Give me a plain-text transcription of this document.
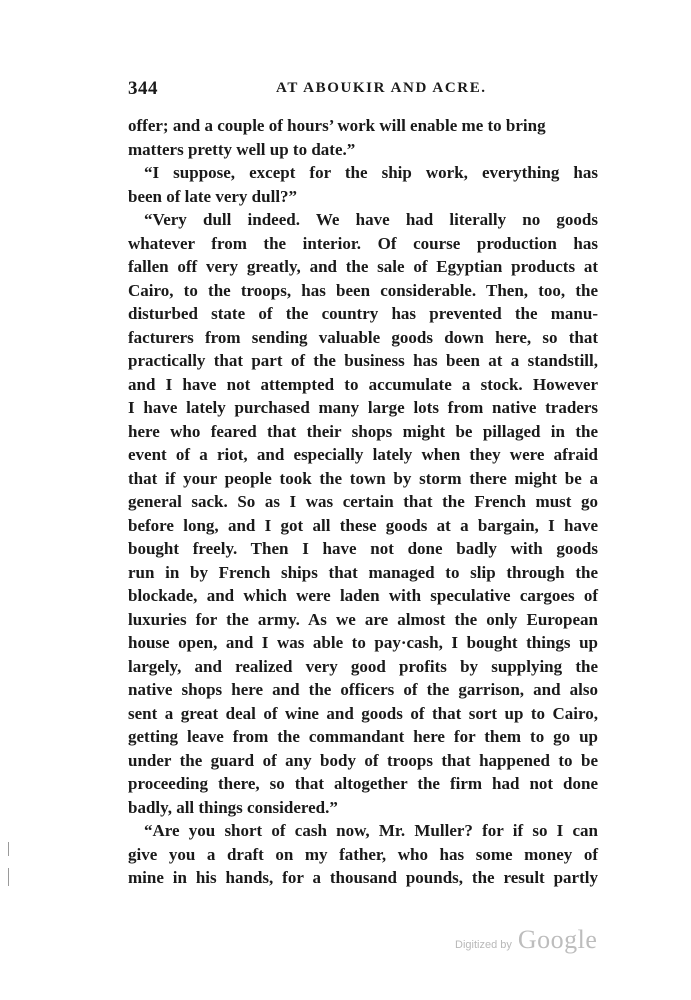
344	AT ABOUKIR AND ACRE.
offer; and a couple of hours’ work will enable me to bring
matters pretty well up to date.”
“I suppose, except for the ship work, everything has
been of late very dull?”
“Very dull indeed. We have had literally no goods
whatever from the interior. Of course production has
fallen off very greatly, and the sale of Egyptian products at
Cairo, to the troops, has been considerable. Then, too, the
disturbed state of the country has prevented the manu-
facturers from sending valuable goods down here, so that
practically that part of the business has been at a standstill,
and I have not attempted to accumulate a stock. However
I have lately purchased many large lots from native traders
here who feared that their shops might be pillaged in the
event of a riot, and especially lately when they were afraid
that if your people took the town by storm there might be a
general sack. So as I was certain that the French must go
before long, and I got all these goods at a bargain, I have
bought freely. Then I have not done badly with goods
run in by French ships that managed to slip through the
blockade, and which were laden with speculative cargoes of
luxuries for the army. As we are almost the only European
house open, and I was able to pay·cash, I bought things up
largely, and realized very good profits by supplying the
native shops here and the officers of the garrison, and also
sent a great deal of wine and goods of that sort up to Cairo,
getting leave from the commandant here for them to go up
under the guard of any body of troops that happened to be
proceeding there, so that altogether the firm had not done
badly, all things considered.”
“Are you short of cash now, Mr. Muller? for if so I can
give you a draft on my father, who has some money of
mine in his hands, for a thousand pounds, the result partly
Digitized by Google
